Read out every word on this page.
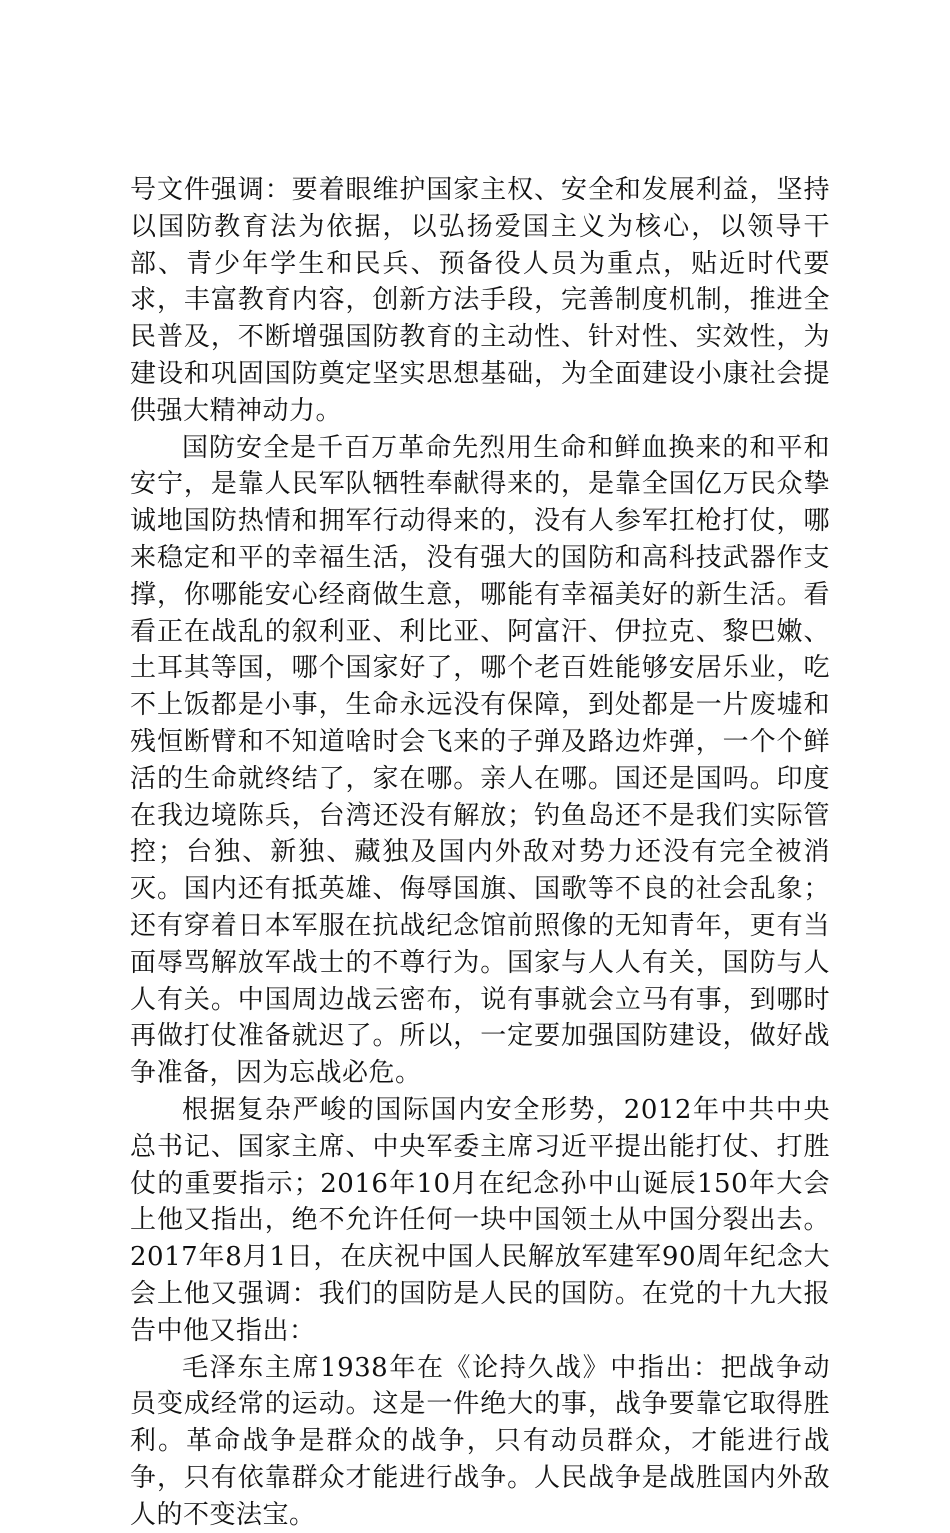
号文件强调：要着眼维护国家主权、安全和发展利益，坚持以国防教育法为依据，以弘扬爱国主义为核心，以领导干部、青少年学生和民兵、预备役人员为重点，贴近时代要求，丰富教育内容，创新方法手段，完善制度机制，推进全民普及，不断增强国防教育的主动性、针对性、实效性，为建设和巩固国防奠定坚实思想基础，为全面建设小康社会提供强大精神动力。

国防安全是千百万革命先烈用生命和鲜血换来的和平和安宁，是靠人民军队牺牲奉献得来的，是靠全国亿万民众挚诚地国防热情和拥军行动得来的，没有人参军扛枪打仗，哪来稳定和平的幸福生活，没有强大的国防和高科技武器作支撑，你哪能安心经商做生意，哪能有幸福美好的新生活。看看正在战乱的叙利亚、利比亚、阿富汗、伊拉克、黎巴嫩、土耳其等国，哪个国家好了，哪个老百姓能够安居乐业，吃不上饭都是小事，生命永远没有保障，到处都是一片废墟和残恒断臂和不知道啥时会飞来的子弹及路边炸弹，一个个鲜活的生命就终结了，家在哪。亲人在哪。国还是国吗。印度在我边境陈兵，台湾还没有解放；钓鱼岛还不是我们实际管控；台独、新独、藏独及国内外敌对势力还没有完全被消灭。国内还有抵英雄、侮辱国旗、国歌等不良的社会乱象；还有穿着日本军服在抗战纪念馆前照像的无知青年，更有当面辱骂解放军战士的不尊行为。国家与人人有关，国防与人人有关。中国周边战云密布，说有事就会立马有事，到哪时再做打仗准备就迟了。所以，一定要加强国防建设，做好战争准备，因为忘战必危。

根据复杂严峻的国际国内安全形势，2012年中共中央总书记、国家主席、中央军委主席习近平提出能打仗、打胜仗的重要指示；2016年10月在纪念孙中山诞辰150年大会上他又指出，绝不允许任何一块中国领土从中国分裂出去。2017年8月1日，在庆祝中国人民解放军建军90周年纪念大会上他又强调：我们的国防是人民的国防。在党的十九大报告中他又指出：

毛泽东主席1938年在《论持久战》中指出：把战争动员变成经常的运动。这是一件绝大的事，战争要靠它取得胜利。革命战争是群众的战争，只有动员群众，才能进行战争，只有依靠群众才能进行战争。人民战争是战胜国内外敌人的不变法宝。
